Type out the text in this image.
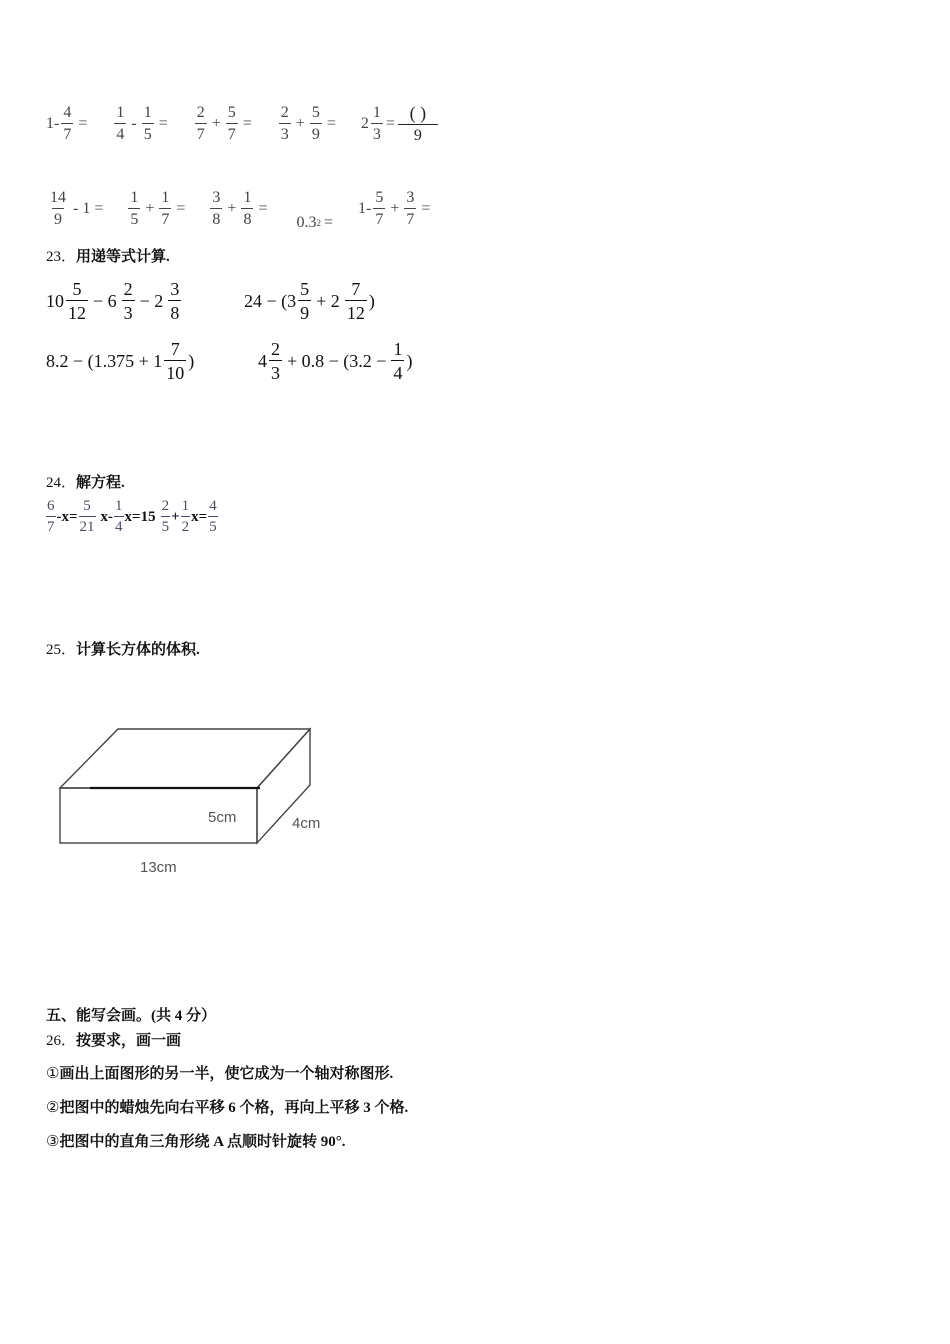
$1- \frac{4}{7} = \frac{1}{4} - \frac{1}{5} = \frac{2}{7} + \frac{5}{7} = \frac{2}{3} + \frac{5}{9} = 2 \frac{1}{3} = \frac{( )}{9}$
$\frac{14}{9} - 1 = \frac{1}{5} + \frac{1}{7} = \frac{3}{8} + \frac{1}{8}$ =
0.3 2 =
$1- \frac{5}{7} + \frac{3}{7}$ =
23．用递等式计算.
$10 \frac{5}{12} - 6 \frac{2}{3} - 2 \frac{3}{8}$	$24 - (3 \frac{5}{9} + 2 \frac{7}{12}$ )
$8.2 - (1.375 + 1 \frac{7}{10}$ )	$4 \frac{2}{3} + 0.8 - (3.2 - \frac{1}{4}$ )
24．解方程.
$\frac{6}{7} -x= \frac{5}{21} x- \frac{1}{4} x=15 \frac{2}{5} + \frac{1}{2} x= \frac{4}{5}$
25．计算长方体的体积.
5cm	4cm
13cm
五、能写会画。(共 4 分）
26．按要求，画一画
①画出上面图形的另一半，使它成为一个轴对称图形.
②把图中的蜡烛先向右平移 6 个格，再向上平移 3 个格.
③把图中的直角三角形绕 A 点顺时针旋转 90°.
